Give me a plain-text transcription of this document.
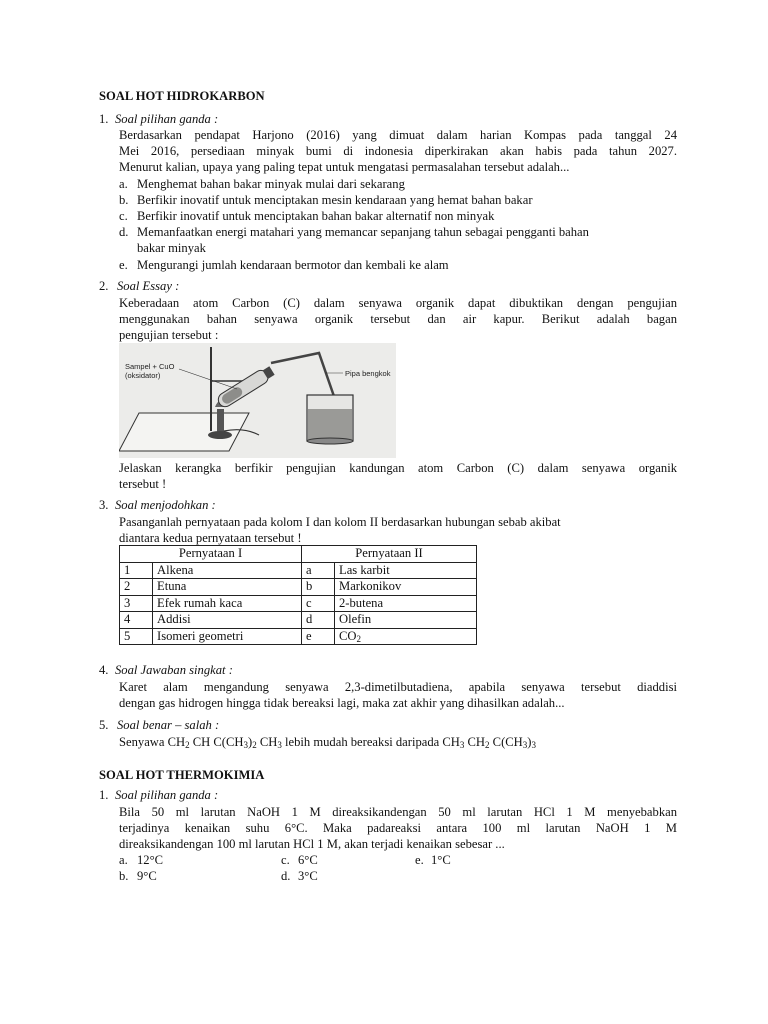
SOAL HOT HIDROKARBON
1. Soal pilihan ganda :
Berdasarkan pendapat Harjono (2016) yang dimuat dalam harian Kompas pada tanggal 24
Mei 2016, persediaan minyak bumi di indonesia diperkirakan akan habis pada tahun 2027.
Menurut kalian, upaya yang paling tepat untuk mengatasi permasalahan tersebut adalah...
a. Menghemat bahan bakar minyak mulai dari sekarang
b. Berfikir inovatif untuk menciptakan mesin kendaraan yang hemat bahan bakar
c. Berfikir inovatif untuk menciptakan bahan bakar alternatif non minyak
d. Memanfaatkan energi matahari yang memancar sepanjang tahun sebagai pengganti bahan
bakar minyak
e. Mengurangi jumlah kendaraan bermotor dan kembali ke alam
2. Soal Essay :
Keberadaan atom Carbon (C) dalam senyawa organik dapat dibuktikan dengan pengujian
menggunakan bahan senyawa organik tersebut dan air kapur. Berikut adalah bagan
pengujian tersebut :
Sampel + CuO
(oksidator)	Pipa bengkok
Jelaskan kerangka berfikir pengujian kandungan atom Carbon (C) dalam senyawa organik
tersebut !
3. Soal menjodohkan :
Pasanganlah pernyataan pada kolom I dan kolom II berdasarkan hubungan sebab akibat
diantara kedua pernyataan tersebut !
Pernyataan I		Pernyataan II	
1	Alkena	a	Las karbit
2	Etuna	b	Markonikov
3	Efek rumah kaca	c	2-butena
4	Addisi	d	Olefin
5	Isomeri geometri	e	$CO_2$
4. Soal Jawaban singkat :
Karet alam mengandung senyawa 2,3-dimetilbutadiena, apabila senyawa tersebut diaddisi
dengan gas hidrogen hingga tidak bereaksi lagi, maka zat akhir yang dihasilkan adalah...
5. Soal benar – salah :
Senyawa $CH_2$ CH $C(CH_3)_2$ $CH_3$ lebih mudah bereaksi daripada $CH_3$ $CH_2$ $C(CH_3)_3$
SOAL HOT THERMOKIMIA
1. Soal pilihan ganda :
Bila 50 ml larutan NaOH 1 M direaksikandengan 50 ml larutan HCl 1 M menyebabkan
terjadinya kenaikan suhu 6°C. Maka padareaksi antara 100 ml larutan NaOH 1 M
direaksikandengan 100 ml larutan HCl 1 M, akan terjadi kenaikan sebesar ...
a. 12°C	c. 6°C	e. 1°C
b. 9°C	d. 3°C
